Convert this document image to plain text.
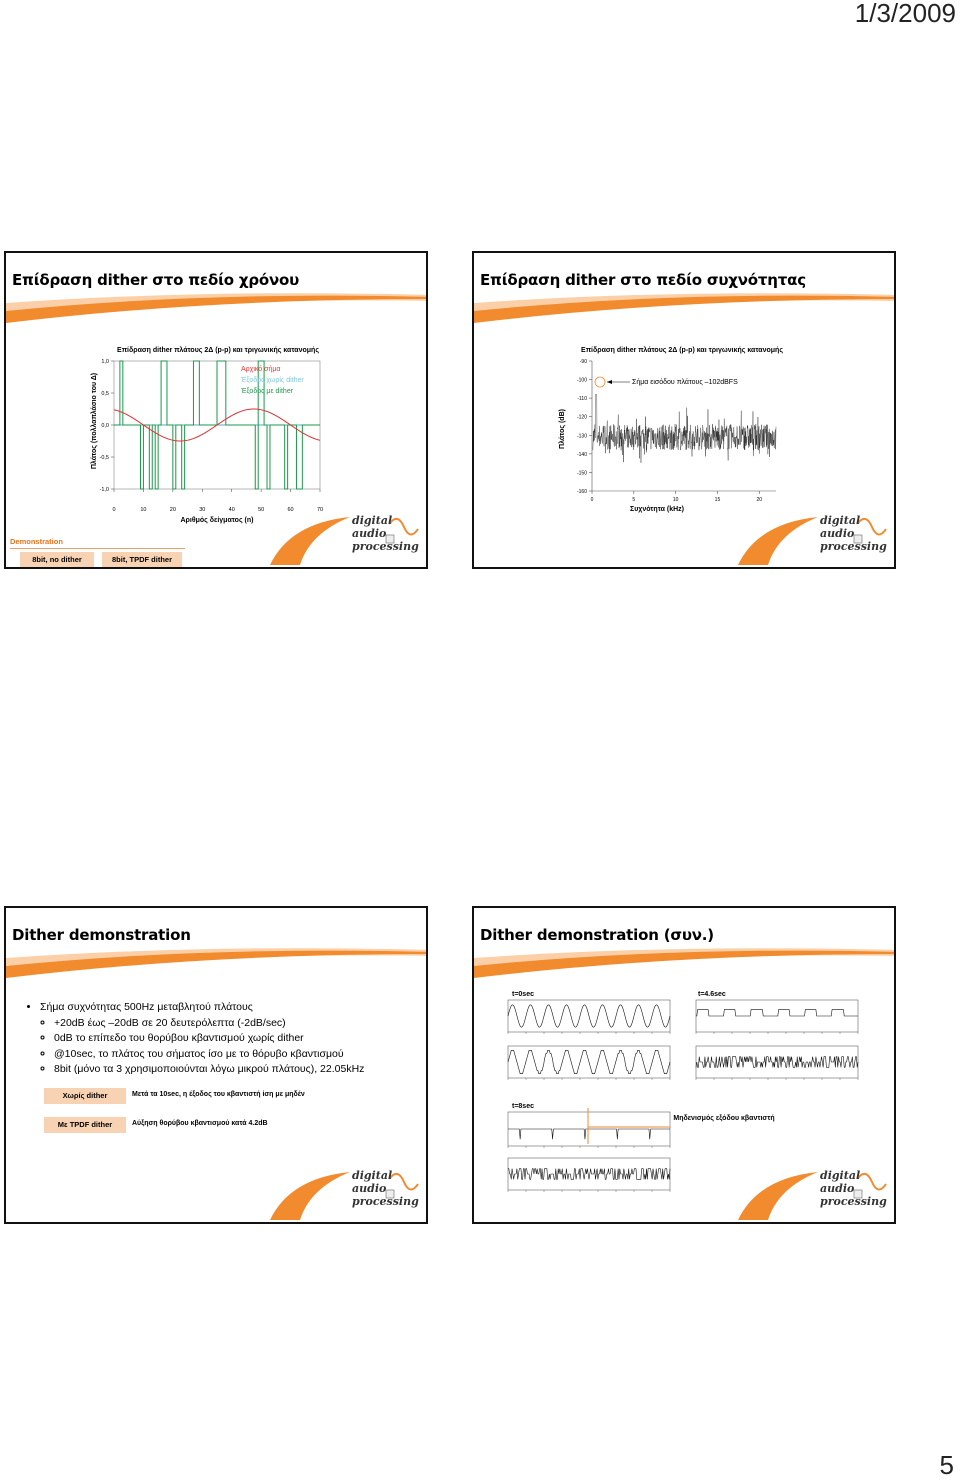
1/3/2009
Επίδραση dither στο πεδίο χρόνου
Επίδραση dither πλάτους 2Δ (p-p) και τριγωνικής κατανομής
Πλάτος (πολλαπλάσιο του Δ)
1,0
0,5
0,0
-0,5
-1,0
0	10	20	30	40	50	60	70
Αριθμός δείγματος (n)
Αρχικό σήμα
Έξοδος χωρίς dither
Έξοδος με dither
Demonstration
8bit, no dither	8bit, TPDF dither
digital
audio
processing
Επίδραση dither στο πεδίο συχνότητας
Επίδραση dither πλάτους 2Δ (p-p) και τριγωνικής κατανομής
Πλάτος (dB)
-90
-100
-110
-120
-130
-140
-150
-160
0	5	10	15	20
Συχνότητα (kHz)
Σήμα εισόδου πλάτους –102dBFS
digital
audio
processing
Dither demonstration
• Σήμα συχνότητας 500Hz μεταβλητού πλάτους
◦ +20dB έως –20dB σε 20 δευτερόλεπτα (-2dB/sec)
◦ 0dB το επίπεδο του θορύβου κβαντισμού χωρίς dither
◦ @10sec, το πλάτος του σήματος ίσο με το θόρυβο κβαντισμού
◦ 8bit (μόνο τα 3 χρησιμοποιούνται λόγω μικρού πλάτους), 22.05kHz
Χωρίς dither	Μετά τα 10sec, η έξοδος του κβαντιστή ίση με μηδέν
Με TPDF dither	Αύξηση θορύβου κβαντισμού κατά 4.2dB
digital
audio
processing
Dither demonstration (συν.)
t=0sec	t=4.6sec
t=8sec
Μηδενισμός εξόδου κβαντιστή
digital
audio
processing
5
